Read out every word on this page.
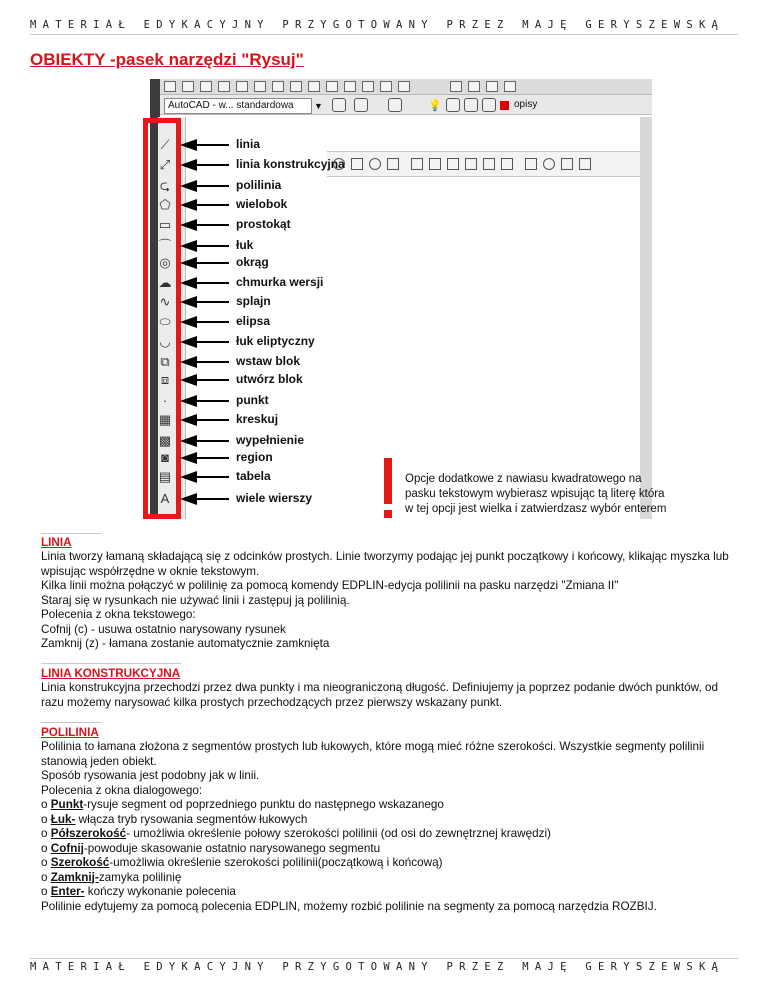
MATERIAŁ EDYKACYJNY PRZYGOTOWANY PRZEZ MAJĘ GERYSZEWSKĄ
OBIEKTY -pasek narzędzi "Rysuj"
AutoCAD - w... standardowa	▼	💡	opisy
⟋	linia
⤢	linia konstrukcyjna
⮎	polilinia
⬠	wielobok
▭	prostokąt
⌒	łuk
◎	okrąg
☁	chmurka wersji
∿	splajn
⬭	elipsa
◡	łuk eliptyczny
⧉	wstaw blok
⧈	utwórz blok
·	punkt
▦	kreskuj
▩	wypełnienie
◙	region
▤	tabela
A	wiele wierszy
Opcje dodatkowe z nawiasu kwadratowego na pasku tekstowym wybierasz wpisując tą literę która w tej opcji jest wielka i zatwierdzasz wybór enterem
LINIA
Linia tworzy łamaną składającą się z odcinków prostych. Linie tworzymy podając jej punkt początkowy i końcowy, klikając myszka lub wpisując współrzędne w oknie tekstowym.
Kilka linii można połączyć w polilinię za pomocą komendy EDPLIN-edycja polilinii na pasku narzędzi "Zmiana II"
Staraj się w rysunkach nie używać linii i zastępuj ją polilinią.
Polecenia z okna tekstowego:
Cofnij (c) - usuwa ostatnio narysowany rysunek
Zamknij (z) - łamana zostanie automatycznie zamknięta
LINIA KONSTRUKCYJNA
Linia konstrukcyjna przechodzi przez dwa punkty i ma nieograniczoną długość. Definiujemy ja poprzez podanie dwóch punktów, od razu możemy narysować kilka prostych przechodzących przez pierwszy wskazany punkt.
POLILINIA
Polilinia to łamana złożona z segmentów prostych lub łukowych, które mogą mieć różne szerokości. Wszystkie segmenty polilinii stanowią jeden obiekt.
Sposób rysowania jest podobny jak w linii.
Polecenia z okna dialogowego:
o Punkt-rysuje segment od poprzedniego punktu do następnego wskazanego
o Łuk- włącza tryb rysowania segmentów łukowych
o Półszerokość- umożliwia określenie połowy szerokości polilinii (od osi do zewnętrznej krawędzi)
o Cofnij-powoduje skasowanie ostatnio narysowanego segmentu
o Szerokość-umożliwia określenie szerokości polilinii(początkową i końcową)
o Zamknij-zamyka polilinię
o Enter- kończy wykonanie polecenia
Polilinie edytujemy za pomocą polecenia EDPLIN, możemy rozbić polilinie na segmenty za pomocą narzędzia ROZBIJ.
MATERIAŁ EDYKACYJNY PRZYGOTOWANY PRZEZ MAJĘ GERYSZEWSKĄ
